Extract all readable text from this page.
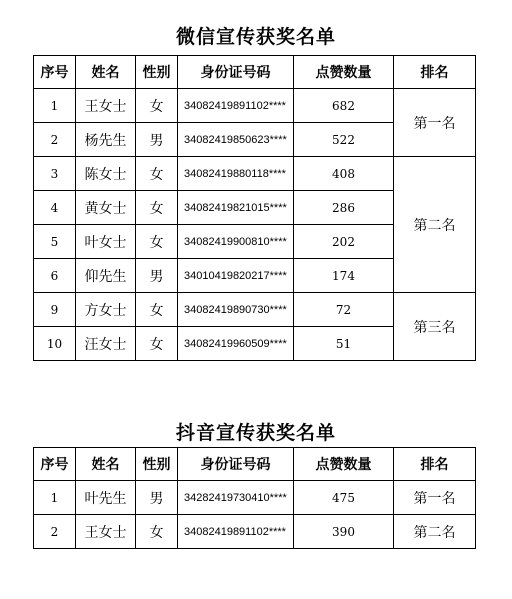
微信宣传获奖名单
序号	姓名	性别	身份证号码	点赞数量	排名
1	王女士	女	34082419891102****	682	第一名
2	杨先生	男	34082419850623****	522	
3	陈女士	女	34082419880118****	408	第二名
4	黄女士	女	34082419821015****	286	
5	叶女士	女	34082419900810****	202	
6	仰先生	男	34010419820217****	174	
9	方女士	女	34082419890730****	72	第三名
10	汪女士	女	34082419960509****	51	
抖音宣传获奖名单
序号	姓名	性别	身份证号码	点赞数量	排名
1	叶先生	男	34282419730410****	475	第一名
2	王女士	女	34082419891102****	390	第二名
